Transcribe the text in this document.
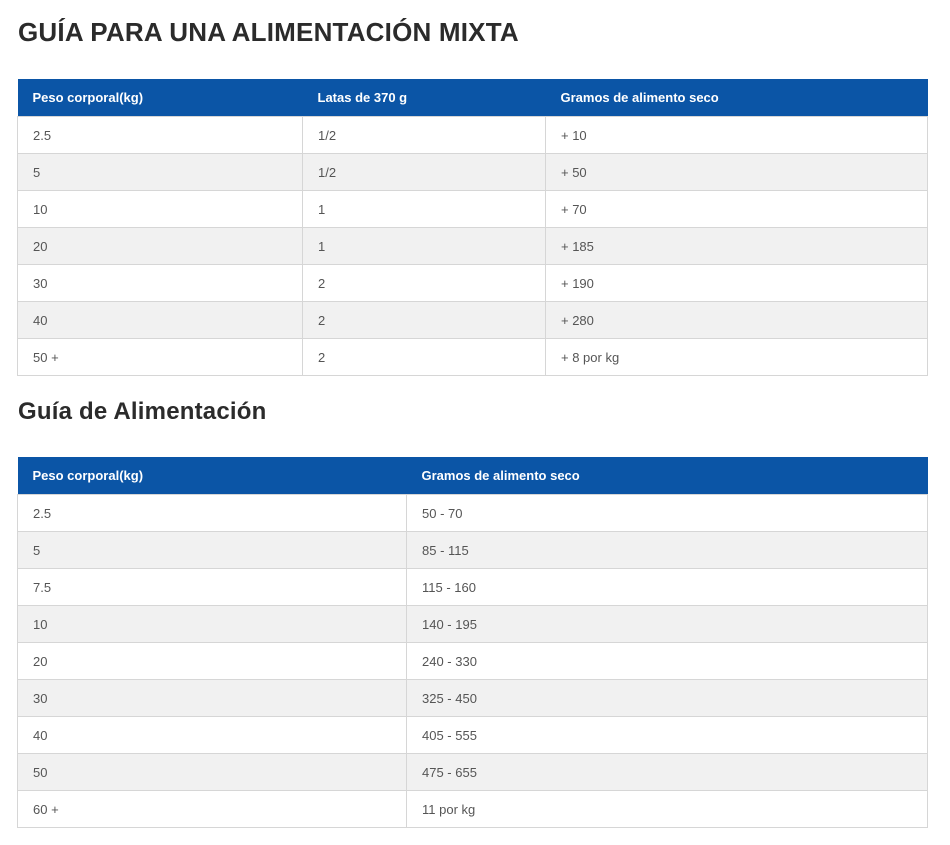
GUÍA PARA UNA ALIMENTACIÓN MIXTA
Peso corporal(kg)	Latas de 370 g	Gramos de alimento seco
2.5	1/2	+ 10
5	1/2	+ 50
10	1	+ 70
20	1	+ 185
30	2	+ 190
40	2	+ 280
50 +	2	+ 8 por kg
Guía de Alimentación
Peso corporal(kg)	Gramos de alimento seco
2.5	50 - 70
5	85 - 115
7.5	115 - 160
10	140 - 195
20	240 - 330
30	325 - 450
40	405 - 555
50	475 - 655
60 +	11 por kg
